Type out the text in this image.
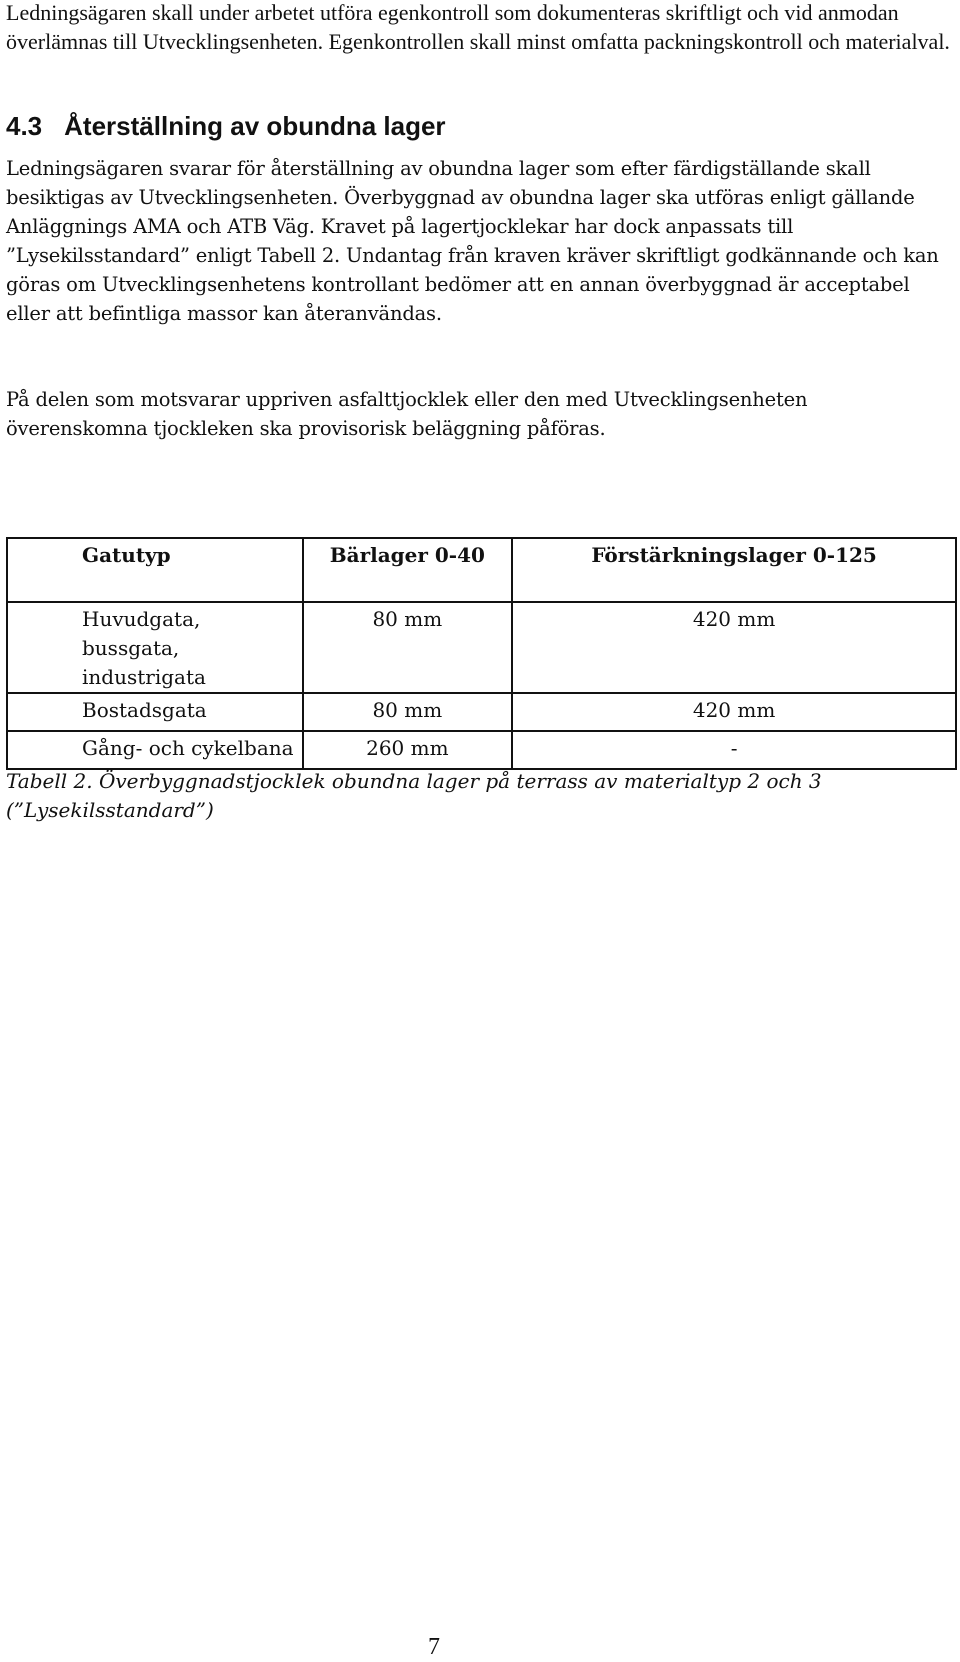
Ledningsägaren skall under arbetet utföra egenkontroll som dokumenteras skriftligt och vid anmodan överlämnas till Utvecklingsenheten. Egenkontrollen skall minst omfatta packningskontroll och materialval.

4.3 Återställning av obundna lager

Ledningsägaren svarar för återställning av obundna lager som efter färdigställande skall besiktigas av Utvecklingsenheten. Överbyggnad av obundna lager ska utföras enligt gällande Anläggnings AMA och ATB Väg. Kravet på lagertjocklekar har dock anpassats till ”Lysekilsstandard” enligt Tabell 2. Undantag från kraven kräver skriftligt godkännande och kan göras om Utvecklingsenhetens kontrollant bedömer att en annan överbyggnad är acceptabel eller att befintliga massor kan återanvändas.

På delen som motsvarar uppriven asfalttjocklek eller den med Utvecklingsenheten överenskomna tjockleken ska provisorisk beläggning påföras.

Gatutyp	Bärlager 0-40	Förstärkningslager 0-125
Huvudgata, bussgata, industrigata	80 mm	420 mm
Bostadsgata	80 mm	420 mm
Gång- och cykelbana	260 mm	-

Tabell 2. Överbyggnadstjocklek obundna lager på terrass av materialtyp 2 och 3 (”Lysekilsstandard”)

7
